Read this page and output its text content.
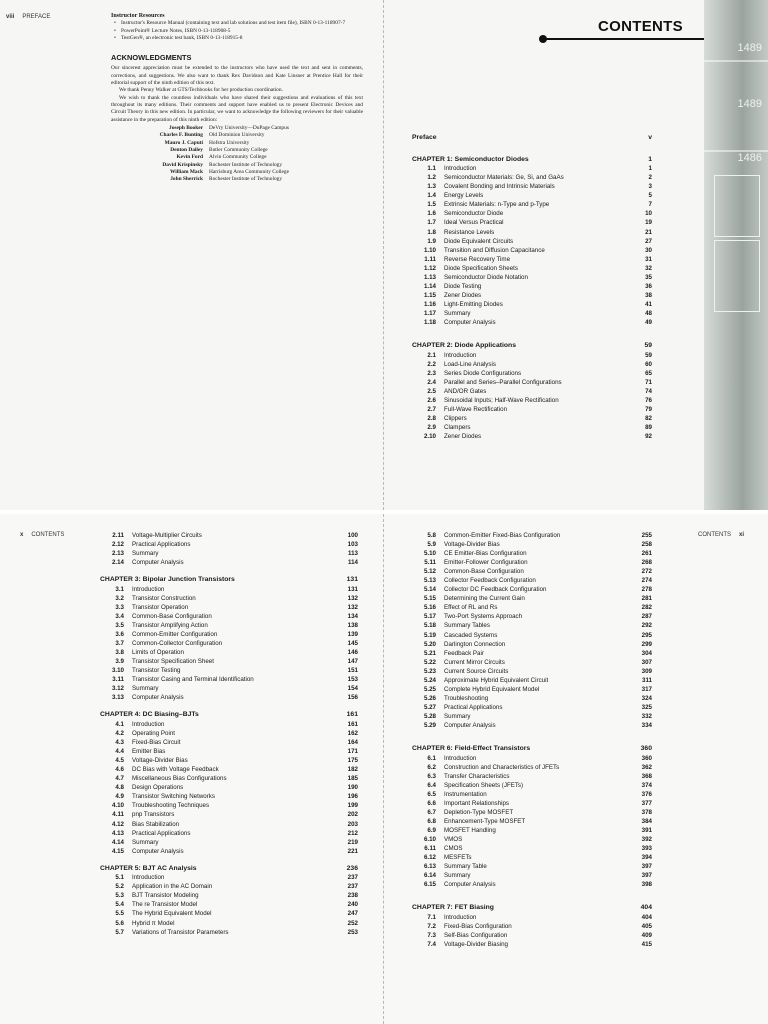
viii PREFACE	Instructor Resources
• Instructor's Resource Manual (containing text and lab solutions and test item file), ISBN 0-13-118907-7
• PowerPoint® Lecture Notes, ISBN 0-13-118908-5
• TestGen®, an electronic test bank, ISBN 0-13-118915-8
ACKNOWLEDGMENTS

Our sincerest appreciation must be extended to the instructors who have used the text and sent in comments, corrections, and suggestions. We also want to thank Rex Davidson and Kate Linsner at Prentice Hall for their editorial support of the ninth edition of this text.

We thank Penny Walker at GTS/Techbooks for her production coordination.

We wish to thank the countless individuals who have shared their suggestions and evaluations of this text throughout its many editions. Their comments and support have enabled us to present Electronic Devices and Circuit Theory in this new edition. In particular, we want to acknowledge the following reviewers for their valuable assistance in the preparation of this ninth edition:

Joseph Booker	DeVry University—DuPage Campus
Charles F. Bunting	Old Dominion University
Mauro J. Caputi	Hofstra University
Denton Dailey	Butler Community College
Kevin Ford	Alvin Community College
David Krispinsky	Rochester Institute of Technology
William Mack	Harrisburg Area Community College
John Sherrick	Rochester Institute of Technology
CONTENTS
Preface	v
CHAPTER 1: Semiconductor Diodes	1
1.1	Introduction	1
1.2	Semiconductor Materials: Ge, Si, and GaAs	2
1.3	Covalent Bonding and Intrinsic Materials	3
1.4	Energy Levels	5
1.5	Extrinsic Materials: n-Type and p-Type	7
1.6	Semiconductor Diode	10
1.7	Ideal Versus Practical	19
1.8	Resistance Levels	21
1.9	Diode Equivalent Circuits	27
1.10	Transition and Diffusion Capacitance	30
1.11	Reverse Recovery Time	31
1.12	Diode Specification Sheets	32
1.13	Semiconductor Diode Notation	35
1.14	Diode Testing	36
1.15	Zener Diodes	38
1.16	Light-Emitting Diodes	41
1.17	Summary	48
1.18	Computer Analysis	49
CHAPTER 2: Diode Applications	59
2.1	Introduction	59
2.2	Load-Line Analysis	60
2.3	Series Diode Configurations	65
2.4	Parallel and Series–Parallel Configurations	71
2.5	AND/OR Gates	74
2.6	Sinusoidal Inputs; Half-Wave Rectification	76
2.7	Full-Wave Rectification	79
2.8	Clippers	82
2.9	Clampers	89
2.10	Zener Diodes	92
1489
1489
1486
x CONTENTS	CONTENTS xi
2.11	Voltage-Multiplier Circuits	100
2.12	Practical Applications	103
2.13	Summary	113
2.14	Computer Analysis	114
CHAPTER 3: Bipolar Junction Transistors	131
3.1	Introduction	131
3.2	Transistor Construction	132
3.3	Transistor Operation	132
3.4	Common-Base Configuration	134
3.5	Transistor Amplifying Action	138
3.6	Common-Emitter Configuration	139
3.7	Common-Collector Configuration	145
3.8	Limits of Operation	146
3.9	Transistor Specification Sheet	147
3.10	Transistor Testing	151
3.11	Transistor Casing and Terminal Identification	153
3.12	Summary	154
3.13	Computer Analysis	156
CHAPTER 4: DC Biasing–BJTs	161
4.1	Introduction	161
4.2	Operating Point	162
4.3	Fixed-Bias Circuit	164
4.4	Emitter Bias	171
4.5	Voltage-Divider Bias	175
4.6	DC Bias with Voltage Feedback	182
4.7	Miscellaneous Bias Configurations	185
4.8	Design Operations	190
4.9	Transistor Switching Networks	196
4.10	Troubleshooting Techniques	199
4.11	pnp Transistors	202
4.12	Bias Stabilization	203
4.13	Practical Applications	212
4.14	Summary	219
4.15	Computer Analysis	221
CHAPTER 5: BJT AC Analysis	236
5.1	Introduction	237
5.2	Application in the AC Domain	237
5.3	BJT Transistor Modeling	238
5.4	The re Transistor Model	240
5.5	The Hybrid Equivalent Model	247
5.6	Hybrid π Model	252
5.7	Variations of Transistor Parameters	253
5.8	Common-Emitter Fixed-Bias Configuration	255
5.9	Voltage-Divider Bias	258
5.10	CE Emitter-Bias Configuration	261
5.11	Emitter-Follower Configuration	268
5.12	Common-Base Configuration	272
5.13	Collector Feedback Configuration	274
5.14	Collector DC Feedback Configuration	278
5.15	Determining the Current Gain	281
5.16	Effect of RL and Rs	282
5.17	Two-Port Systems Approach	287
5.18	Summary Tables	292
5.19	Cascaded Systems	295
5.20	Darlington Connection	299
5.21	Feedback Pair	304
5.22	Current Mirror Circuits	307
5.23	Current Source Circuits	309
5.24	Approximate Hybrid Equivalent Circuit	311
5.25	Complete Hybrid Equivalent Model	317
5.26	Troubleshooting	324
5.27	Practical Applications	325
5.28	Summary	332
5.29	Computer Analysis	334
CHAPTER 6: Field-Effect Transistors	360
6.1	Introduction	360
6.2	Construction and Characteristics of JFETs	362
6.3	Transfer Characteristics	368
6.4	Specification Sheets (JFETs)	374
6.5	Instrumentation	376
6.6	Important Relationships	377
6.7	Depletion-Type MOSFET	378
6.8	Enhancement-Type MOSFET	384
6.9	MOSFET Handling	391
6.10	VMOS	392
6.11	CMOS	393
6.12	MESFETs	394
6.13	Summary Table	397
6.14	Summary	397
6.15	Computer Analysis	398
CHAPTER 7: FET Biasing	404
7.1	Introduction	404
7.2	Fixed-Bias Configuration	405
7.3	Self-Bias Configuration	409
7.4	Voltage-Divider Biasing	415
